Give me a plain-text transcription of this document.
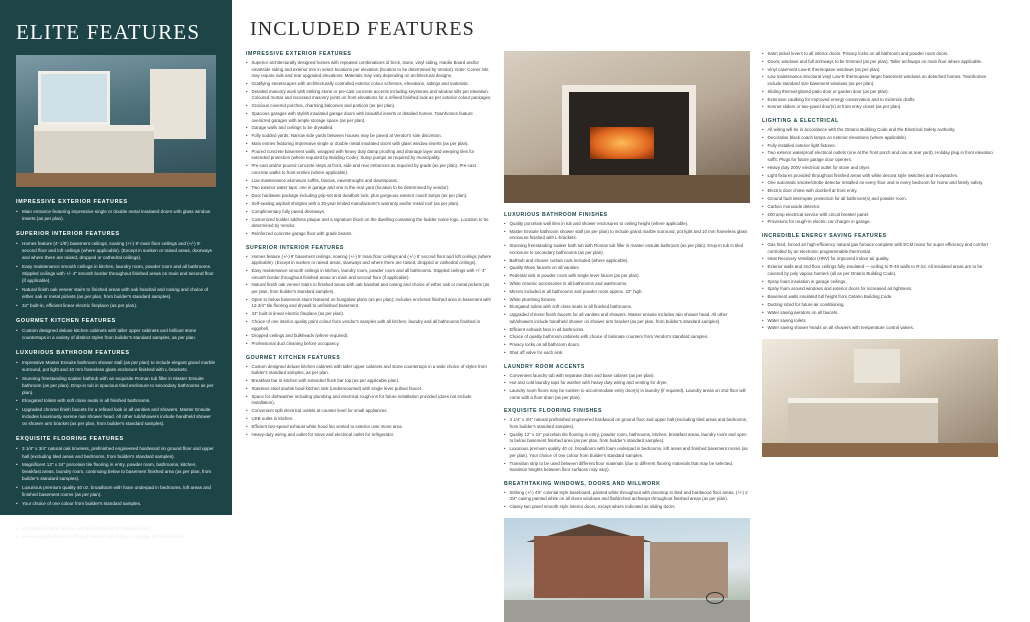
ELITE FEATURES
IMPRESSIVE EXTERIOR FEATURES
• Main entrance featuring impressive single or double metal insulated doors with glass window inserts (as per plan).
SUPERIOR INTERIOR FEATURES
• Homes feature (4'-1/8') basement ceilings, soaring (+/-) 9' main floor ceilings and (+/-) 8' second floor and loft ceilings (where applicable). (Except in sunken or raised areas, doorways and where there are raised, dropped or cathedral ceilings).
• Easy maintenance smooth ceilings in kitchen, laundry room, powder room and all bathrooms. Stippled ceilings with +/- 4" smooth border throughout finished areas on main and second floor (if applicable).
• Natural finish oak veneer stairs to finished areas with oak handrail and nosing and choice of either oak or metal pickets (as per plan, from builder's standard samples).
• 34" built-in, efficient linear electric fireplace (as per plan).
GOURMET KITCHEN FEATURES
• Custom designed deluxe kitchen cabinets with taller upper cabinets and brilliant stone countertops in a variety of distinct styles from builder's standard samples, as per plan.
LUXURIOUS BATHROOM FEATURES
• Impressive Master Ensuite bathroom shower stall (as per plan) to include elegant grand marble surround, pot light and 10 mm frameless glass enclosure finished with L-brackets.
• Stunning freestanding soaker bathtub with an exquisite Roman tub filler in Master Ensuite bathroom (as per plan). Drop-in tub in spacious tiled enclosure to secondary bathrooms as per plan).
• Elongated toilets with soft close seats in all finished bathrooms.
• Upgraded chrome finish faucets for a refined look in all vanities and showers. Master Ensuite includes luxuriously serene rain shower head. All other tub/showers include handheld shower on shower arm bracket (as per plan, from builder's standard samples).
EXQUISITE FLOORING FEATURES
• 3 1/4" x 3/4" natural oak timeless, prefinished engineered hardwood on ground floor and upper hall (excluding tiled areas and bedrooms, from builder's standard samples).
• Magnificent 12" x 24" porcelain tile flooring in entry, powder room, bathrooms, kitchen, breakfast areas, laundry room, continuing below to basement finished area (as per plan, from builder's standard samples).
• Luxurious premium quality 40 oz. broadloom with foam underpad in bedrooms, loft areas and finished basement rooms (as per plan).
• Your choice of one colour from builder's standard samples.
LIGHTING & ELECTRICAL
• 200 amp electrical service with accessible circuit breaker panel.
• Innovative provisions for rough-in electric car charger in garage for convenience.
INCLUDED FEATURES
IMPRESSIVE EXTERIOR FEATURES
• Superior architecturally designed homes with repeated combinations of brick, stone, vinyl siding, Hardie Board and/or smartside siding and exterior trim in select locations per elevation (location to be determined by Vendor). Note: Corner lots may require side and rear upgraded elevations. Materials may vary depending on architectural designs.
• Gratifying streetscapes with architecturally controlled exterior colour schemes, elevations, sidings and materials.
• Detailed masonry work with striking stone or pre-cast concrete accents including keystones and window sills per elevation. Coloured mortar and recessed masonry joints on front elevations for a refined finished look as per exterior colour packages.
• Gracious covered porches, charming balconies and porticos (as per plan).
• Spacious garages with stylish insulated garage doors with beautiful inserts or detailed homes. Townhomes feature oversized garages with ample storage space (as per plan).
• Garage walls and ceilings to be drywalled.
• Fully sodded yards. Narrow side yards between houses may be paved at Vendor's sole discretion.
• Main entries featuring impressive single or double metal insulated doors with glass window inserts (as per plan).
• Poured concrete basement walls, wrapped with heavy duty damp proofing and drainage layer and weeping tiles for extended protection (where required by Building Code). Sump pumps as required by municipality.
• Pre-cast and/or poured concrete steps at front, side and rear entrances as required by grade (as per plan). Pre-cast concrete walks to front entries (where applicable).
• Low maintenance aluminum soffits, fascias, eavestroughs and downspouts.
• Two exterior water taps: one in garage and one in the rear yard (location to be determined by vendor).
• Door hardware package including grip-set and deadbolt lock, plus gorgeous exterior coach lamps (as per plan).
• Self-sealing asphalt shingles with a 30-year limited manufacturer's warranty and/or metal roof (as per plan).
• Complimentary fully paved driveways.
• Customized builder address plaque and a signature block on the dwelling containing the builder name logo. Location to be determined by Vendor.
• Reinforced concrete garage floor with grade beams.
SUPERIOR INTERIOR FEATURES
• Homes feature (+/-) 8' basement ceilings, soaring (+/-) 9' main floor ceilings and (+/-) 8' second floor and loft ceilings (where applicable). (Except in sunken or raised areas, stairways and where there are raised, dropped or cathedral ceilings).
• Easy maintenance smooth ceilings in kitchen, laundry room, powder room and all bathrooms. Stippled ceilings with +/- 4" smooth border throughout finished areas on main and second floor (if applicable).
• Natural finish oak veneer stairs to finished areas with oak handrail and nosing and choice of either oak or metal pickets (as per plan, from builder's standard samples).
• Open to below basement stairs featured on bungalow plans (as per plan); includes enclosed finished area in basement with 12-3/4" tile flooring and drywall to unfinished basement.
• 34" built-in linear electric fireplace (as per plan).
• Choice of one interior quality paint colour from vendor's samples with all kitchen, laundry and all bathrooms finished in eggshell.
• Dropped ceilings and bulkheads (where required).
• Professional duct cleaning before occupancy.
GOURMET KITCHEN FEATURES
• Custom designed deluxe kitchen cabinets with taller upper cabinets and stone countertops in a wide choice of styles from builder's standard samples, as per plan.
• Breakfast bar in kitchen with extended flush bar top (as per applicable plan).
• Stainless steel double bowl kitchen sink (undermounted) with single lever pullout faucet.
• Space for dishwasher including plumbing and electrical rough-ins for future installation provided (does not include installation).
• Convenient split electrical outlets at counter level for small appliances.
• USB outlet in kitchen.
• Efficient two-speed exhaust white hood fan vented to exterior over stove area.
• Heavy-duty wiring and outlet for stove and electrical outlet for refrigerator.
LUXURIOUS BATHROOM FINISHES
• Quality porcelain wall tiles in tub and shower enclosures to ceiling height (where applicable).
• Master Ensuite bathroom shower stall (as per plan) to include grand marble surround, pot light and 10 mm frameless glass enclosure finished with L-brackets.
• Stunning freestanding soaker bath tub with Roman tub filler in master ensuite bathroom (as per plan). Drop-in tub in tiled enclosure to secondary bathrooms (as per plan).
• Bathtub and shower curtain rods included (where applicable).
• Quality Moen faucets on all vanities.
• Pedestal sink in powder room with single lever faucet (as per plan).
• White ceramic accessories in all bathrooms and washrooms.
• Mirrors included in all bathrooms and powder room approx. 42" high.
• White plumbing fixtures.
• Elongated toilets with soft close seats in all finished bathrooms.
• Upgraded chrome finish faucets for all vanities and showers. Master ensuite includes rain shower head. All other tub/showers include handheld shower on shower arm bracket (as per plan, from builder's standard samples).
• Efficient exhaust fans in all bathrooms.
• Choice of quality bathroom cabinets with choice of laminate counters from Vendor's standard samples.
• Privacy locks on all bathroom doors.
• Shut off valve for each sink.
LAUNDRY ROOM ACCENTS
• Convenient laundry tub with separate drain and base cabinet (as per plan).
• Hot and cold laundry taps for washer with heavy duty wiring and venting for dryer.
• Laundry room floors may be sunken to accommodate entry door(s) in laundry (if required). Laundry areas on 2nd floor will come with a floor drain (as per plan).
EXQUISITE FLOORING FINISHES
• 3 1/4" x 3/4" natural prefinished engineered hardwood on ground floor and upper hall (excluding tiled areas and bedrooms; from builder's standard samples).
• Quality 12" x 24" porcelain tile flooring in entry, powder room, bathrooms, kitchen, breakfast areas, laundry room and open to below basement finished area (as per plan, from builder's standard samples).
• Luxurious premium quality 40 oz. broadloom with foam underpad in bedrooms, loft areas and finished basement rooms (as per plan). Your choice of one colour from builder's standard samples.
• Transition strip to be used between different floor materials (due to different flooring materials that may be selected, transition heights between floor surfaces may vary).
BREATHTAKING WINDOWS, DOORS AND MILLWORK
• Striking (+/-) 4'6" colonial style baseboard, painted white throughout with doorstop to tiled and hardwood floor areas. (+/-) 2 3/4" casing painted white on all doors windows and flat/arched archways throughout finished areas (as per plan).
• Classy two panel smooth style interior doors, except where indicated as sliding doors.
• Satin nickel levers to all interior doors. Privacy locks on all bathroom and powder room doors.
• Doors, windows and full archways to be trimmed (as per plan). Taller archways on main floor where applicable.
• Vinyl casement Low-E thermopane windows (as per plan).
• Low maintenance structural vinyl Low-E thermopane larger basement windows on detached homes. Townhomes include standard size basement windows (as per plan).
• Sliding thermal-glazed patio door or garden door (as per plan).
• Extensive caulking for improved energy conservation and to minimize drafts.
• Kennet sliders or two-panel door(s) at front entry closet (as per plan).
LIGHTING & ELECTRICAL
• All wiring will be in accordance with the Ontario Building Code and the Electrical Safety Authority.
• Decorative black coach lamps on exterior elevations (where applicable).
• Fully installed exterior light fixtures.
• Two exterior waterproof electrical outlets (one at the front porch and one at rear yard). Holiday plug in front elevation soffit. Plugs for future garage door openers.
• Heavy duty 200V electrical outlet for stove and dryer.
• Light fixtures provided throughout finished areas with white decora style switches and receptacles.
• One automatic smoke/strobe detector installed on every floor and in every bedroom for home and family safety.
• Electric door chime with doorbell at front entry.
• Ground fault interrupter protection for all bathroom(s) and powder room.
• Carbon monoxide detector.
• 200 amp electrical service with circuit breaker panel.
• Provisions for rough-in electric car charger in garage.
INCREDIBLE ENERGY SAVING FEATURES
• Gas fired, forced air high-efficiency natural gas furnace complete with ECM motor for super efficiency and comfort controlled by an electronic programmable thermostat.
• Heat Recovery Ventilator (HRV) for improved indoor air quality.
• Exterior walls and 2nd floor ceilings fully insulated — ceiling to R-40 walls to R-22. All insulated areas are to be covered by poly vapour barriers (all as per Ontario Building Code).
• Spray foam insulation in garage ceilings.
• Spray foam around windows and exterior doors for increased air tightness.
• Basement walls insulated full height from Ontario Building Code.
• Ducting sized for future air conditioning.
• Water saving aerators on all faucets.
• Water saving toilets.
• Water saving shower heads on all showers with temperature control valves.
